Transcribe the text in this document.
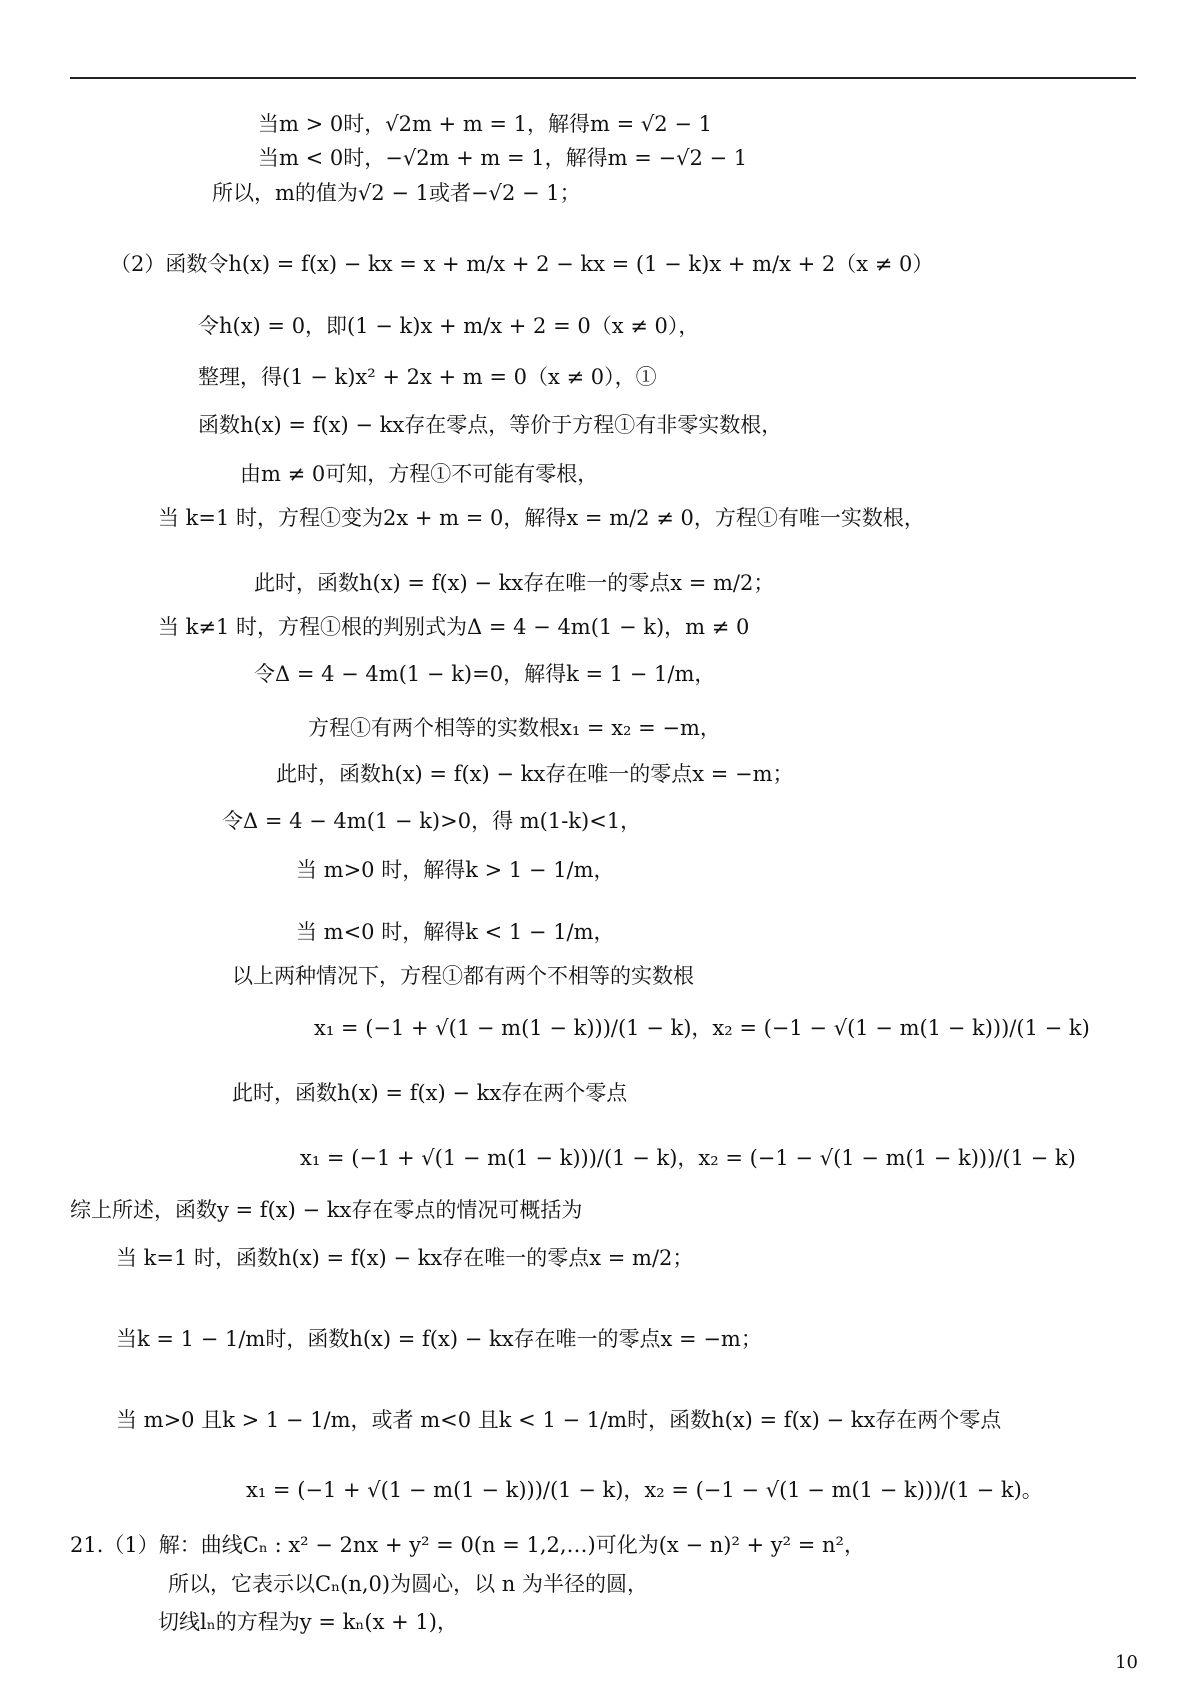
当m > 0时，√2m + m = 1，解得m = √2 − 1
当m < 0时，−√2m + m = 1，解得m = −√2 − 1
所以，m的值为√2 − 1或者−√2 − 1；
（2）函数令h(x) = f(x) − kx = x + m/x + 2 − kx = (1 − k)x + m/x + 2（x ≠ 0）
令h(x) = 0，即(1 − k)x + m/x + 2 = 0（x ≠ 0），
整理，得(1 − k)x² + 2x + m = 0（x ≠ 0），①
函数h(x) = f(x) − kx存在零点，等价于方程①有非零实数根，
由m ≠ 0可知，方程①不可能有零根，
当 k=1 时，方程①变为2x + m = 0，解得x = m/2 ≠ 0，方程①有唯一实数根，
此时，函数h(x) = f(x) − kx存在唯一的零点x = m/2；
当 k≠1 时，方程①根的判别式为Δ = 4 − 4m(1 − k)，m ≠ 0
令Δ = 4 − 4m(1 − k)=0，解得k = 1 − 1/m，
方程①有两个相等的实数根x₁ = x₂ = −m，
此时，函数h(x) = f(x) − kx存在唯一的零点x = −m；
令Δ = 4 − 4m(1 − k)>0，得 m(1-k)<1，
当 m>0 时，解得k > 1 − 1/m，
当 m<0 时，解得k < 1 − 1/m，
以上两种情况下，方程①都有两个不相等的实数根
x₁ = (−1 + √(1 − m(1 − k)))/(1 − k)，x₂ = (−1 − √(1 − m(1 − k)))/(1 − k)
此时，函数h(x) = f(x) − kx存在两个零点
x₁ = (−1 + √(1 − m(1 − k)))/(1 − k)，x₂ = (−1 − √(1 − m(1 − k)))/(1 − k)
综上所述，函数y = f(x) − kx存在零点的情况可概括为
当 k=1 时，函数h(x) = f(x) − kx存在唯一的零点x = m/2；
当k = 1 − 1/m时，函数h(x) = f(x) − kx存在唯一的零点x = −m；
当 m>0 且k > 1 − 1/m，或者 m<0 且k < 1 − 1/m时，函数h(x) = f(x) − kx存在两个零点
x₁ = (−1 + √(1 − m(1 − k)))/(1 − k)，x₂ = (−1 − √(1 − m(1 − k)))/(1 − k)。
21.（1）解：曲线Cₙ : x² − 2nx + y² = 0(n = 1,2,…)可化为(x − n)² + y² = n²，
所以，它表示以Cₙ(n,0)为圆心，以 n 为半径的圆，
切线lₙ的方程为y = kₙ(x + 1)，
10
